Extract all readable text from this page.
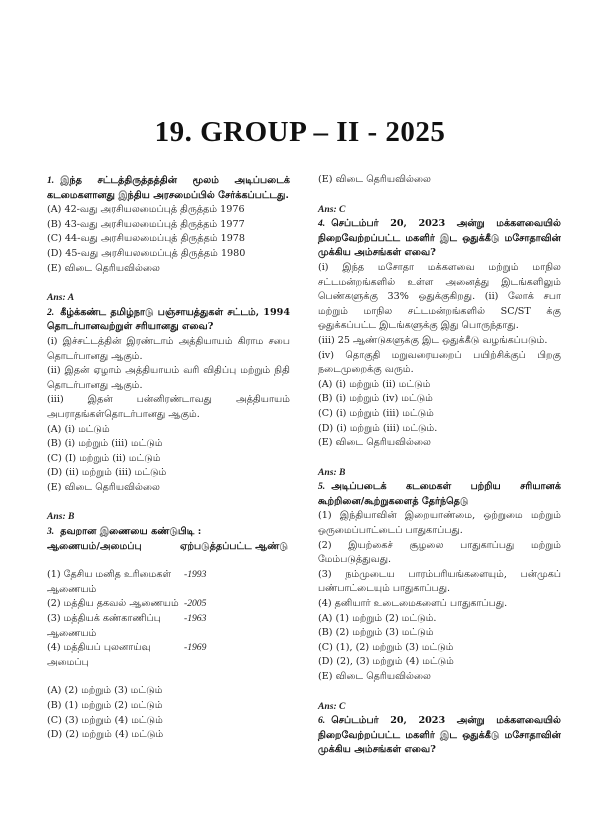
19. GROUP – II - 2025
1. இந்த சட்டத்திருத்தத்தின் மூலம் அடிப்படைக் கடமைகளானது இந்திய அரசமைப்பில் சேர்க்கப்பட்டது.
(A) 42-வது அரசியலமைப்புத் திருத்தம் 1976
(B) 43-வது அரசியலமைப்புத் திருத்தம் 1977
(C) 44-வது அரசியலமைப்புத் திருத்தம் 1978
(D) 45-வது அரசியலமைப்புத் திருத்தம் 1980
(E) விடை தெரியவில்லை
Ans: A
2. கீழ்க்கண்ட தமிழ்நாடு பஞ்சாயத்துகள் சட்டம், 1994 தொடர்பானவற்றுள் சரியானது எவை?
(i) இச்சட்டத்தின் இரண்டாம் அத்தியாயம் கிராம சபை தொடர்பானது ஆகும்.
(ii) இதன் ஏழாம் அத்தியாயம் வரி விதிப்பு மற்றும் நிதி தொடர்பானது ஆகும்.
(iii) இதன் பன்னிரண்டாவது அத்தியாயம் அபராதங்கள்தொடர்பானது ஆகும்.
(A) (i) மட்டும்
(B) (i) மற்றும் (iii) மட்டும்
(C) (I) மற்றும் (ii) மட்டும்
(D) (ii) மற்றும் (iii) மட்டும்
(E) விடை தெரியவில்லை
Ans: B
3. தவறான இணையை கண்டுபிடி :
ஆணையம்/அமைப்பு	ஏற்படுத்தப்பட்ட ஆண்டு

(1) தேசிய மனித உரிமைகள் ஆணையம்	-1993
(2) மத்திய தகவல் ஆணையம்	-2005
(3) மத்தியக் கண்காணிப்பு ஆணையம்	-1963
(4) மத்தியப் புலனாய்வு அமைப்பு	-1969
(A) (2) மற்றும் (3) மட்டும்
(B) (1) மற்றும் (2) மட்டும்
(C) (3) மற்றும் (4) மட்டும்
(D) (2) மற்றும் (4) மட்டும்
(E) விடை தெரியவில்லை
Ans: C
4. செப்டம்பர் 20, 2023 அன்று மக்களவையில் நிறைவேற்றப்பட்ட மகளிர் இட ஒதுக்கீடு மசோதாவின் முக்கிய அம்சங்கள் எவை?
(i) இந்த மசோதா மக்களவை மற்றும் மாநில சட்டமன்றங்களில் உள்ள அனைத்து இடங்களிலும் பெண்களுக்கு 33% ஒதுக்குகிறது. (ii) லோக் சபா மற்றும் மாநில சட்டமன்றங்களில் SC/ST க்கு ஒதுக்கப்பட்ட இடங்களுக்கு இது பொருந்தாது.
(iii) 25 ஆண்டுகளுக்கு இட ஒதுக்கீடு வழங்கப்படும்.
(iv) தொகுதி மறுவரையறைப் பயிற்சிக்குப் பிறகு நடைமுறைக்கு வரும்.
(A) (i) மற்றும் (ii) மட்டும்
(B) (i) மற்றும் (iv) மட்டும்
(C) (i) மற்றும் (iii) மட்டும்
(D) (i) மற்றும் (iii) மட்டும்.
(E) விடை தெரியவில்லை
Ans: B
5. அடிப்படைக் கடமைகள் பற்றிய சரியானக் கூற்றினை/கூற்றுகளைத் தேர்ந்தெடு
(1) இந்தியாவின் இறையாண்மை, ஒற்றுமை மற்றும் ஒருமைப்பாட்டைப் பாதுகாப்பது.
(2) இயற்கைச் சூழலை பாதுகாப்பது மற்றும் மேம்படுத்துவது.
(3) நம்முடைய பாரம்பரியங்களையும், பன்முகப் பண்பாட்டையும் பாதுகாப்பது.
(4) தனியார் உடைமைகளைப் பாதுகாப்பது.
(A) (1) மற்றும் (2) மட்டும்.
(B) (2) மற்றும் (3) மட்டும்
(C) (1), (2) மற்றும் (3) மட்டும்
(D) (2), (3) மற்றும் (4) மட்டும்
(E) விடை தெரியவில்லை
Ans: C
6. செப்டம்பர் 20, 2023 அன்று மக்களவையில் நிறைவேற்றப்பட்ட மகளிர் இட ஒதுக்கீடு மசோதாவின் முக்கிய அம்சங்கள் எவை?
